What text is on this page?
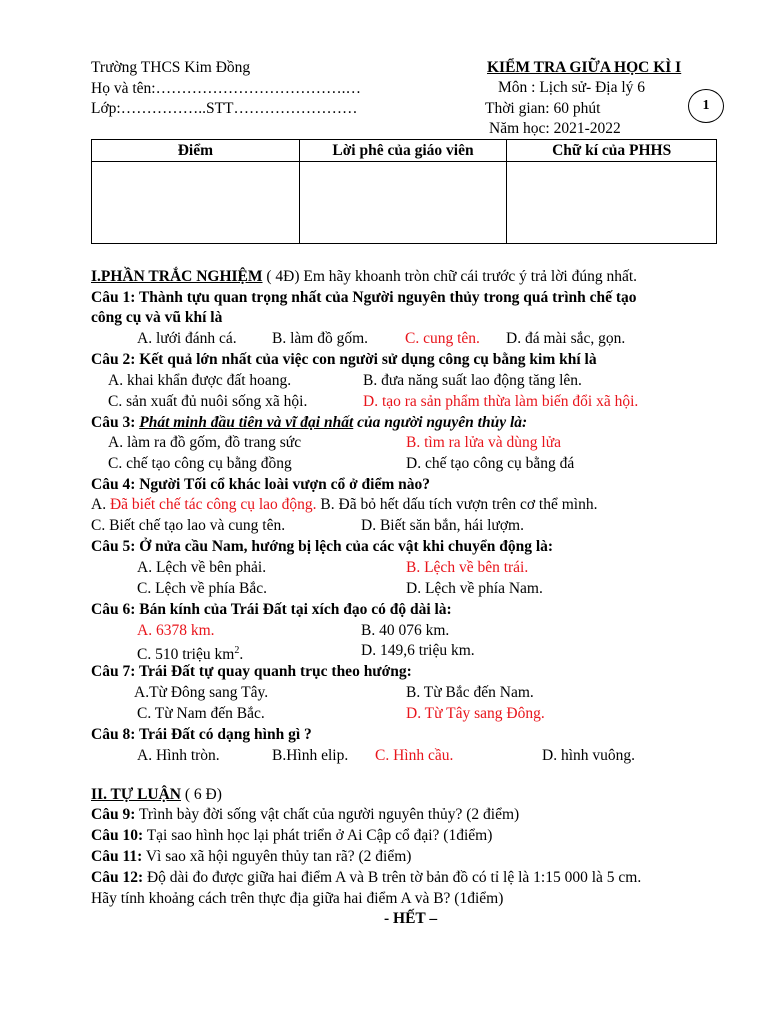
Trường THCS Kim Đồng
Họ và tên:……………………………….…
Lớp:……………..STT……………………
KIỂM TRA GIỮA HỌC KÌ I
Môn : Lịch sử- Địa lý 6
Thời gian: 60 phút
Năm học: 2021-2022
1
Điểm	Lời phê của giáo viên	Chữ kí của PHHS

I.PHẦN TRẮC NGHIỆM ( 4Đ) Em hãy khoanh tròn chữ cái trước ý trả lời đúng nhất.
Câu 1: Thành tựu quan trọng nhất của Người nguyên thủy trong quá trình chế tạo
công cụ và vũ khí là
A. lưới đánh cá. B. làm đồ gốm. C. cung tên. D. đá mài sắc, gọn.
Câu 2: Kết quả lớn nhất của việc con người sử dụng công cụ bằng kim khí là
A. khai khẩn được đất hoang.	B. đưa năng suất lao động tăng lên.
C. sản xuất đủ nuôi sống xã hội.	D. tạo ra sản phẩm thừa làm biến đổi xã hội.
Câu 3: Phát minh đầu tiên và vĩ đại nhất của người nguyên thủy là:
A. làm ra đồ gốm, đồ trang sức	B. tìm ra lửa và dùng lửa
C. chế tạo công cụ bằng đồng	D. chế tạo công cụ bằng đá
Câu 4: Người Tối cổ khác loài vượn cổ ở điểm nào?
A. Đã biết chế tác công cụ lao động. B. Đã bỏ hết dấu tích vượn trên cơ thể mình.
C. Biết chế tạo lao và cung tên.	D. Biết săn bắn, hái lượm.
Câu 5: Ở nửa cầu Nam, hướng bị lệch của các vật khi chuyển động là:
A. Lệch về bên phải.	B. Lệch về bên trái.
C. Lệch về phía Bắc.	D. Lệch về phía Nam.
Câu 6: Bán kính của Trái Đất tại xích đạo có độ dài là:
A. 6378 km.	B. 40 076 km.
C. 510 triệu $km^2$.	D. 149,6 triệu km.
Câu 7: Trái Đất tự quay quanh trục theo hướng:
A.Từ Đông sang Tây.	B. Từ Bắc đến Nam.
C. Từ Nam đến Bắc.	D. Từ Tây sang Đông.
Câu 8: Trái Đất có dạng hình gì ?
A. Hình tròn.	B.Hình elip. C. Hình cầu.	D. hình vuông.
II. TỰ LUẬN ( 6 Đ)
Câu 9: Trình bày đời sống vật chất của người nguyên thủy? (2 điểm)
Câu 10: Tại sao hình học lại phát triển ở Ai Cập cổ đại? (1điểm)
Câu 11: Vì sao xã hội nguyên thủy tan rã? (2 điểm)
Câu 12: Độ dài đo được giữa hai điểm A và B trên tờ bản đồ có tỉ lệ là 1:15 000 là 5 cm.
Hãy tính khoảng cách trên thực địa giữa hai điểm A và B? (1điểm)
- HẾT –
